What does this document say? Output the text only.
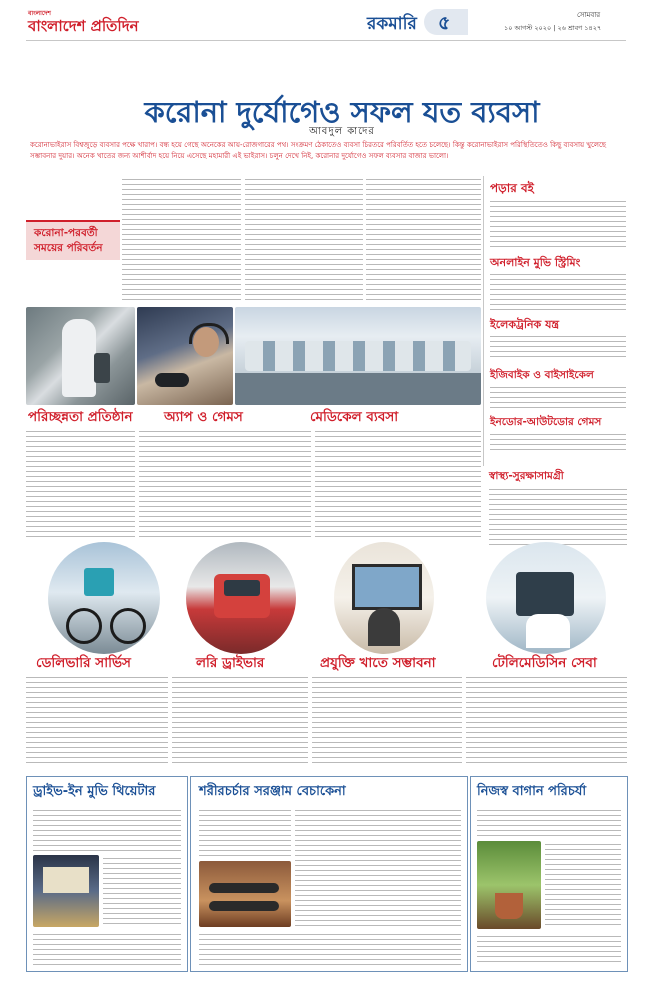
বাংলাদেশ
বাংলাদেশ প্রতিদিন	রকমারি ৫	সোমবার
১০ আগস্ট ২০২০ | ২৬ শ্রাবণ ১৪২৭
করোনা দুর্যোগেও সফল যত ব্যবসা
আবদুল কাদের
করোনাভাইরাস বিশ্বজুড়ে ব্যবসার পক্ষে খারাপ। বন্ধ হয়ে গেছে অনেকের আয়-রোজগারের পথ। সংক্রমণ ঠেকাতেও ব্যবসা চিরতরে পরিবর্তিত হতে চলেছে। কিন্তু করোনাভাইরাস পরিস্থিতিতেও কিছু ব্যবসায় খুলেছে সম্ভাবনার দুয়ার। অনেক খাতের জন্য আশীর্বাদ হয়ে নিয়ে এসেছে মহামারী এই ভাইরাস। চলুন দেখে নিই, করোনার দুর্যোগেও সফল ব্যবসার বাজার ভালো।
করোনা-পরবর্তী
সময়ের পরিবর্তন
পড়ার বই
অনলাইন মুভি স্ট্রিমিং
ইলেকট্রনিক যন্ত্র
ইজিবাইক ও বাইসাইকেল
ইনডোর-আউটডোর গেমস
স্বাস্থ্য-সুরক্ষাসামগ্রী
পরিচ্ছন্নতা প্রতিষ্ঠান অ্যাপ ও গেমস	মেডিকেল ব্যবসা
ডেলিভারি সার্ভিস	লরি ড্রাইভার	প্রযুক্তি খাতে সম্ভাবনা	টেলিমেডিসিন সেবা
ড্রাইভ-ইন মুভি থিয়েটার	শরীরচর্চার সরঞ্জাম বেচাকেনা	নিজস্ব বাগান পরিচর্যা
